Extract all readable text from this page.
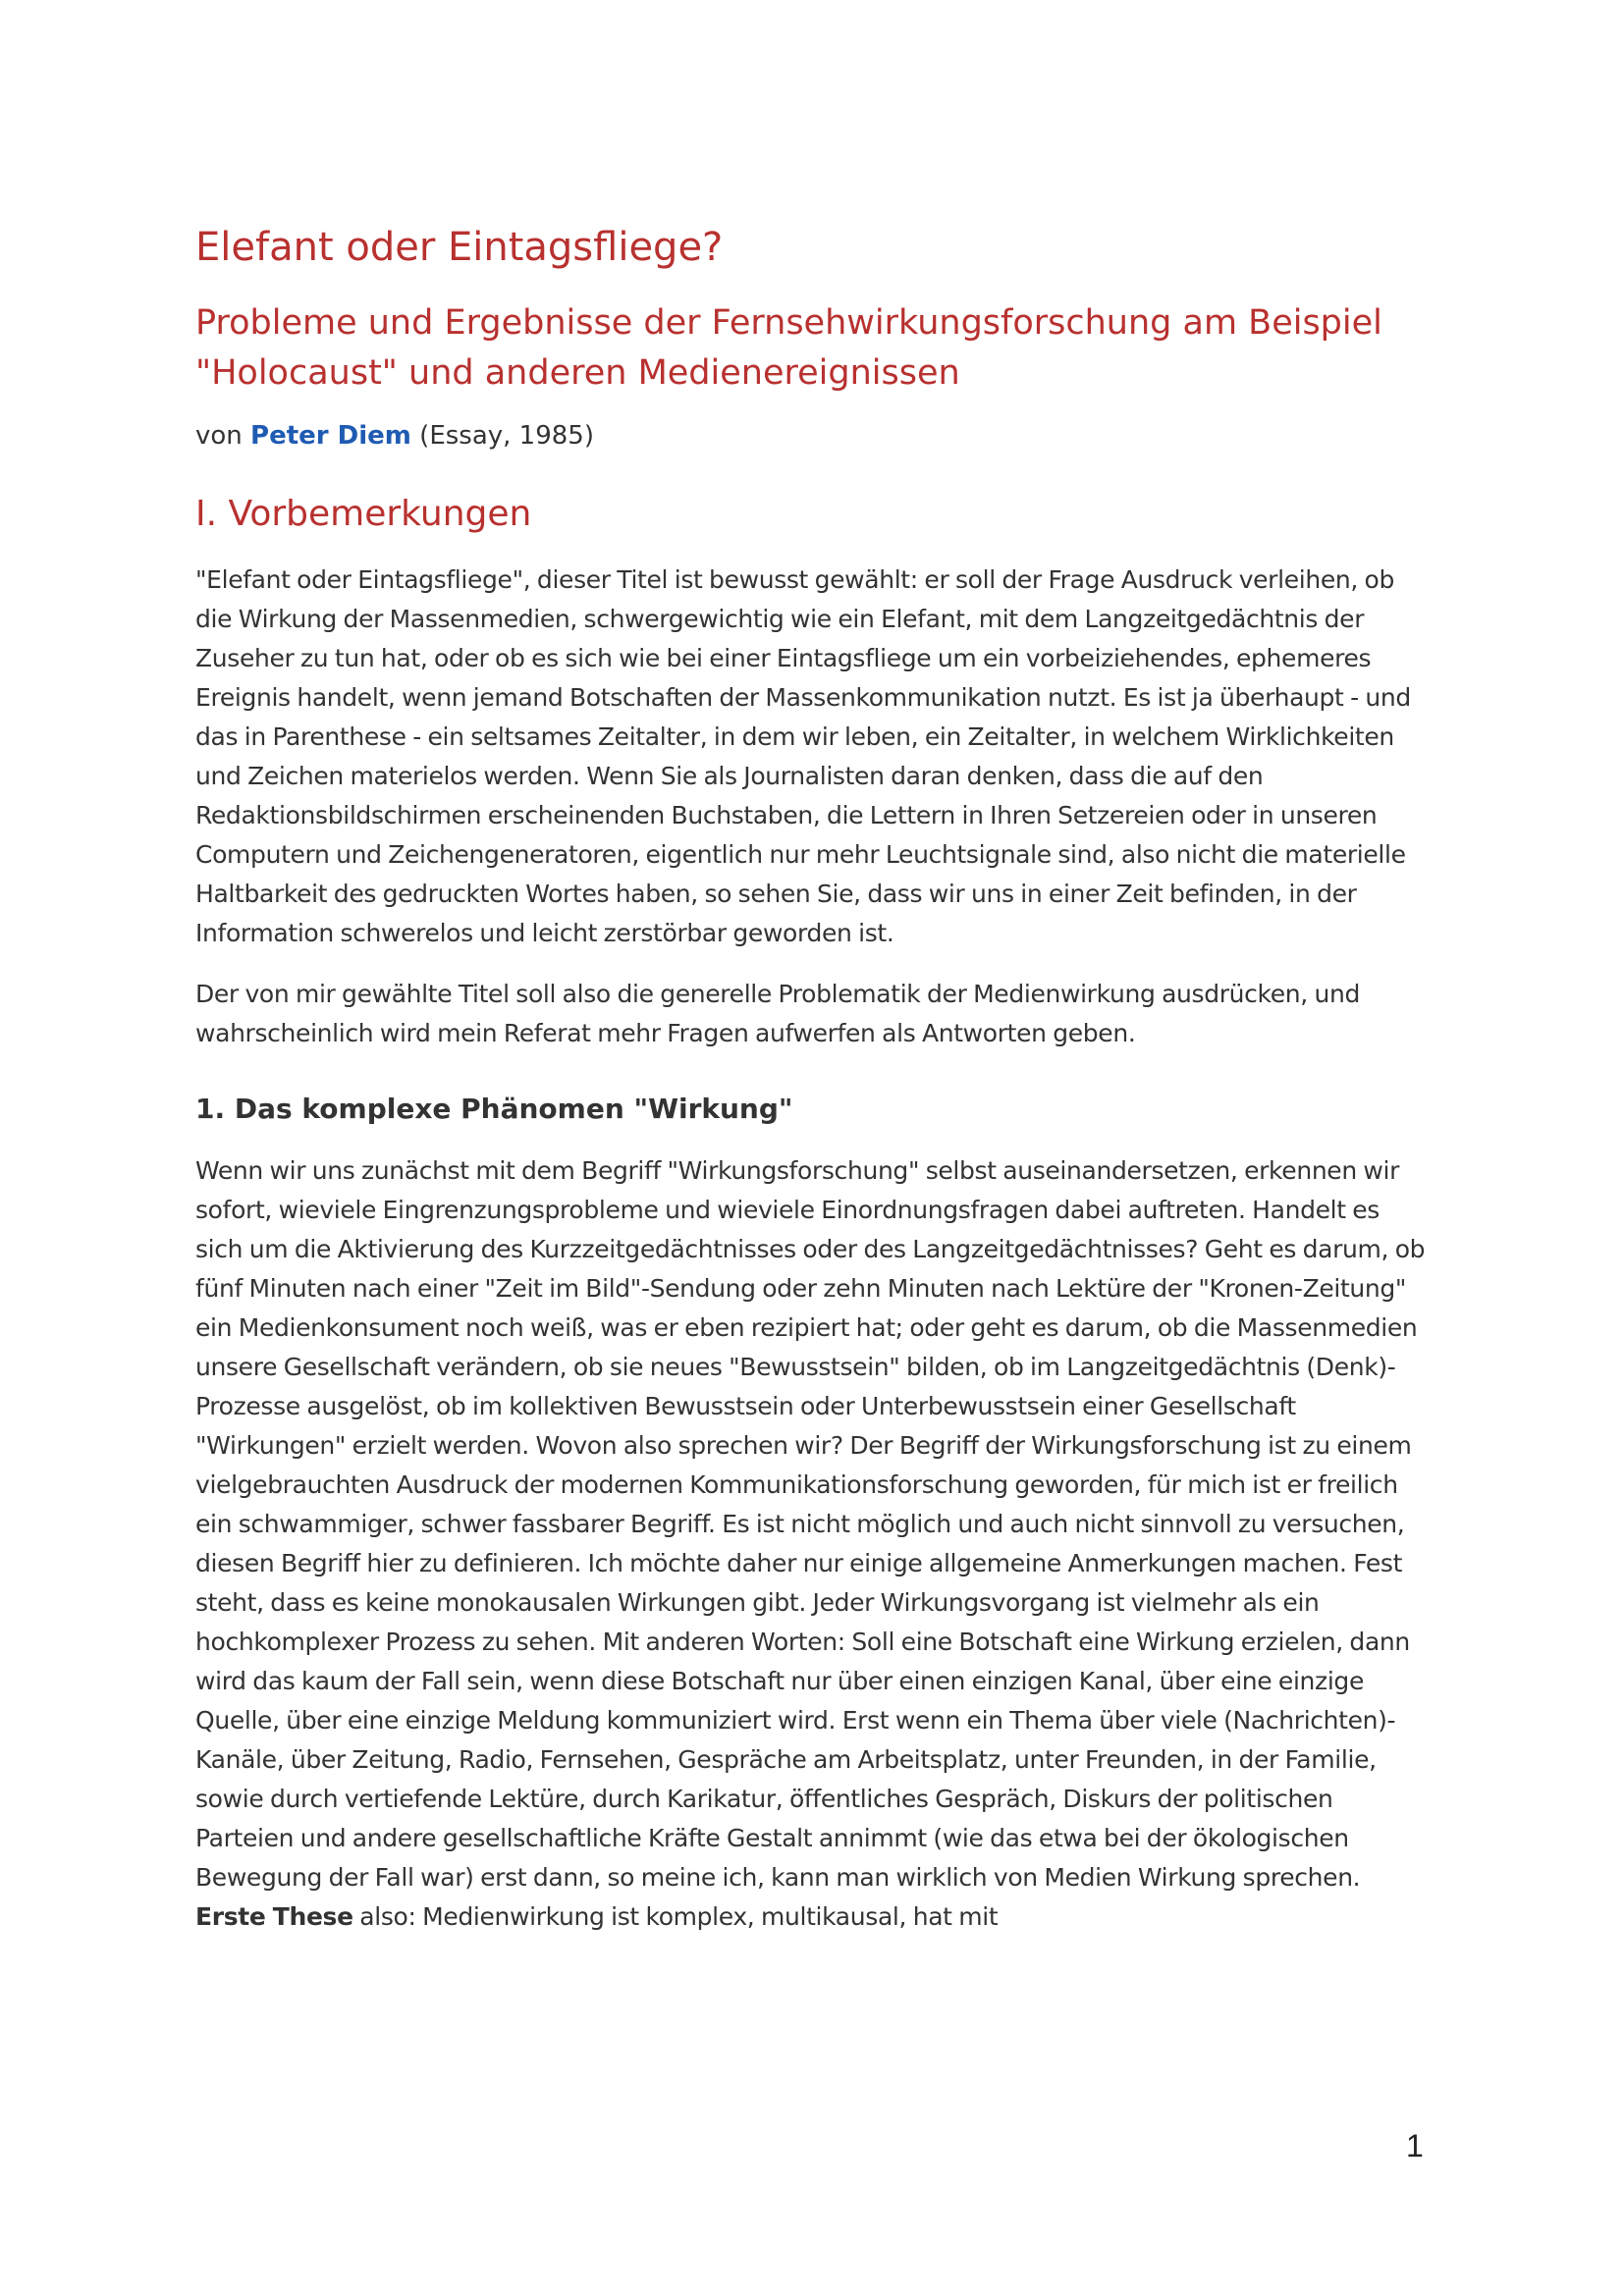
Elefant oder Eintagsfliege?
Probleme und Ergebnisse der Fernsehwirkungsforschung am Beispiel "Holocaust" und anderen Medienereignissen

von Peter Diem (Essay, 1985)

I. Vorbemerkungen

"Elefant oder Eintagsfliege", dieser Titel ist bewusst gewählt: er soll der Frage Ausdruck verleihen, ob die Wirkung der Massenmedien, schwergewichtig wie ein Elefant, mit dem Langzeitgedächtnis der Zuseher zu tun hat, oder ob es sich wie bei einer Eintagsfliege um ein vorbeiziehendes, ephemeres Ereignis handelt, wenn jemand Botschaften der Massenkommunikation nutzt. Es ist ja überhaupt - und das in Parenthese - ein seltsames Zeitalter, in dem wir leben, ein Zeitalter, in welchem Wirklichkeiten und Zeichen materielos werden. Wenn Sie als Journalisten daran denken, dass die auf den Redaktionsbildschirmen erscheinenden Buchstaben, die Lettern in Ihren Setzereien oder in unseren Computern und Zeichengeneratoren, eigentlich nur mehr Leuchtsignale sind, also nicht die materielle Haltbarkeit des gedruckten Wortes haben, so sehen Sie, dass wir uns in einer Zeit befinden, in der Information schwerelos und leicht zerstörbar geworden ist.

Der von mir gewählte Titel soll also die generelle Problematik der Medienwirkung ausdrücken, und wahrscheinlich wird mein Referat mehr Fragen aufwerfen als Antworten geben.

1. Das komplexe Phänomen "Wirkung"

Wenn wir uns zunächst mit dem Begriff "Wirkungsforschung" selbst auseinandersetzen, erkennen wir sofort, wieviele Eingrenzungsprobleme und wieviele Einordnungsfragen dabei auftreten. Handelt es sich um die Aktivierung des Kurzzeitgedächtnisses oder des Langzeitgedächtnisses? Geht es darum, ob fünf Minuten nach einer "Zeit im Bild"-Sendung oder zehn Minuten nach Lektüre der "Kronen-Zeitung" ein Medienkonsument noch weiß, was er eben rezipiert hat; oder geht es darum, ob die Massenmedien unsere Gesellschaft verändern, ob sie neues "Bewusstsein" bilden, ob im Langzeitgedächtnis (Denk)-Prozesse ausgelöst, ob im kollektiven Bewusstsein oder Unterbewusstsein einer Gesellschaft "Wirkungen" erzielt werden. Wovon also sprechen wir? Der Begriff der Wirkungsforschung ist zu einem vielgebrauchten Ausdruck der modernen Kommunikationsforschung geworden, für mich ist er freilich ein schwammiger, schwer fassbarer Begriff. Es ist nicht möglich und auch nicht sinnvoll zu versuchen, diesen Begriff hier zu definieren. Ich möchte daher nur einige allgemeine Anmerkungen machen. Fest steht, dass es keine monokausalen Wirkungen gibt. Jeder Wirkungsvorgang ist vielmehr als ein hochkomplexer Prozess zu sehen. Mit anderen Worten: Soll eine Botschaft eine Wirkung erzielen, dann wird das kaum der Fall sein, wenn diese Botschaft nur über einen einzigen Kanal, über eine einzige Quelle, über eine einzige Meldung kommuniziert wird. Erst wenn ein Thema über viele (Nachrichten)-Kanäle, über Zeitung, Radio, Fernsehen, Gespräche am Arbeitsplatz, unter Freunden, in der Familie, sowie durch vertiefende Lektüre, durch Karikatur, öffentliches Gespräch, Diskurs der politischen Parteien und andere gesellschaftliche Kräfte Gestalt annimmt (wie das etwa bei der ökologischen Bewegung der Fall war) erst dann, so meine ich, kann man wirklich von Medien Wirkung sprechen. Erste These also: Medienwirkung ist komplex, multikausal, hat mit

1
